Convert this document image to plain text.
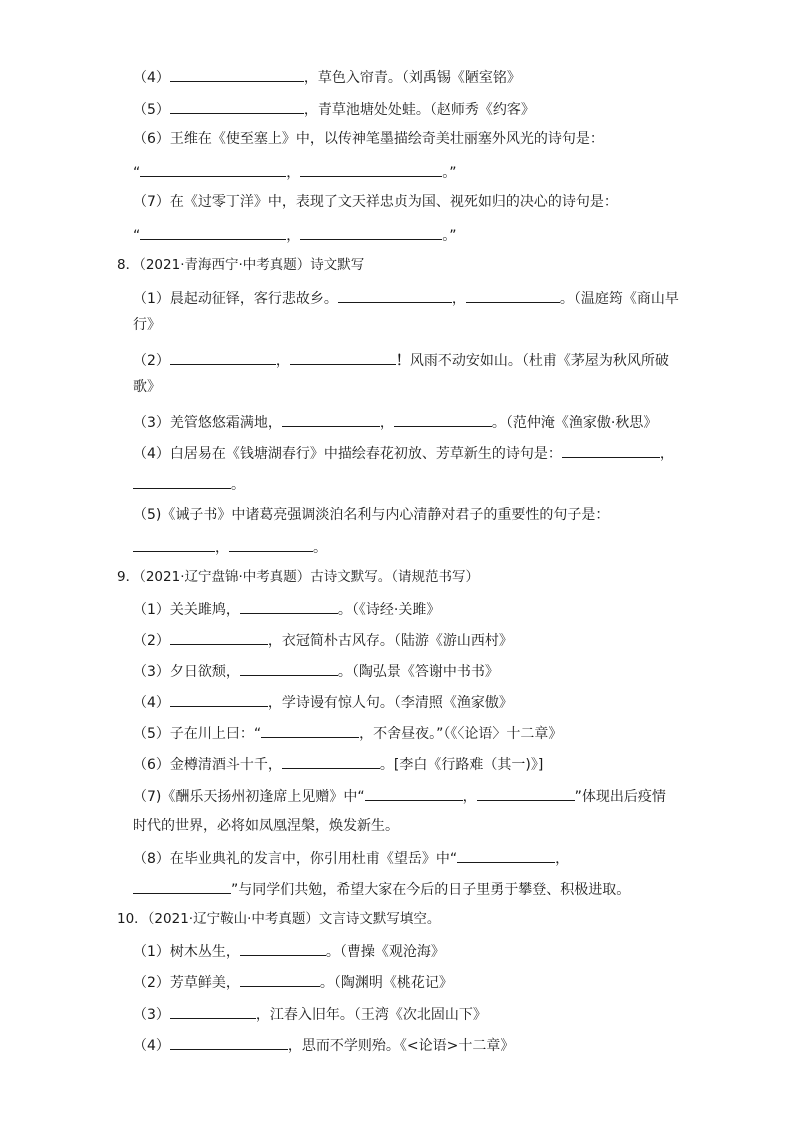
（4）	，草色入帘青。（刘禹锡《陋室铭》
（5）	，青草池塘处处蛙。（赵师秀《约客》
（6）王维在《使至塞上》中，以传神笔墨描绘奇美壮丽塞外风光的诗句是：
“	，	。”
（7）在《过零丁洋》中，表现了文天祥忠贞为国、视死如归的决心的诗句是：
“	，	。”
8．（2021·青海西宁·中考真题）诗文默写
（1）晨起动征铎，客行悲故乡。	，	。（温庭筠《商山早
行》
（2）	，	！风雨不动安如山。（杜甫《茅屋为秋风所破
歌》
（3）羌管悠悠霜满地，	，	。（范仲淹《渔家傲·秋思》
（4）白居易在《钱塘湖春行》中描绘春花初放、芳草新生的诗句是：	，
。
（5)《诫子书》中诸葛亮强调淡泊名利与内心清静对君子的重要性的句子是：
，	。
9．（2021·辽宁盘锦·中考真题）古诗文默写。（请规范书写）
（1）关关雎鸠，	。（《诗经·关雎》
（2）	，衣冠简朴古风存。（陆游《游山西村》
（3）夕日欲颓，	。（陶弘景《答谢中书书》
（4）	，学诗谩有惊人句。（李清照《渔家傲》
（5）子在川上曰：“	，不舍昼夜。”（《〈论语〉十二章》
（6）金樽清酒斗十千，	。[李白《行路难（其一)》]
（7)《酬乐天扬州初逢席上见赠》中“	，	”体现出后疫情
时代的世界，必将如凤凰涅槃，焕发新生。
（8）在毕业典礼的发言中，你引用杜甫《望岳》中“	，
”与同学们共勉，希望大家在今后的日子里勇于攀登、积极进取。
10．（2021·辽宁鞍山·中考真题）文言诗文默写填空。
（1）树木丛生，	。（曹操《观沧海》
（2）芳草鲜美，	。（陶渊明《桃花记》
（3）	，江春入旧年。（王湾《次北固山下》
（4）	，思而不学则殆。《<论语>十二章》
